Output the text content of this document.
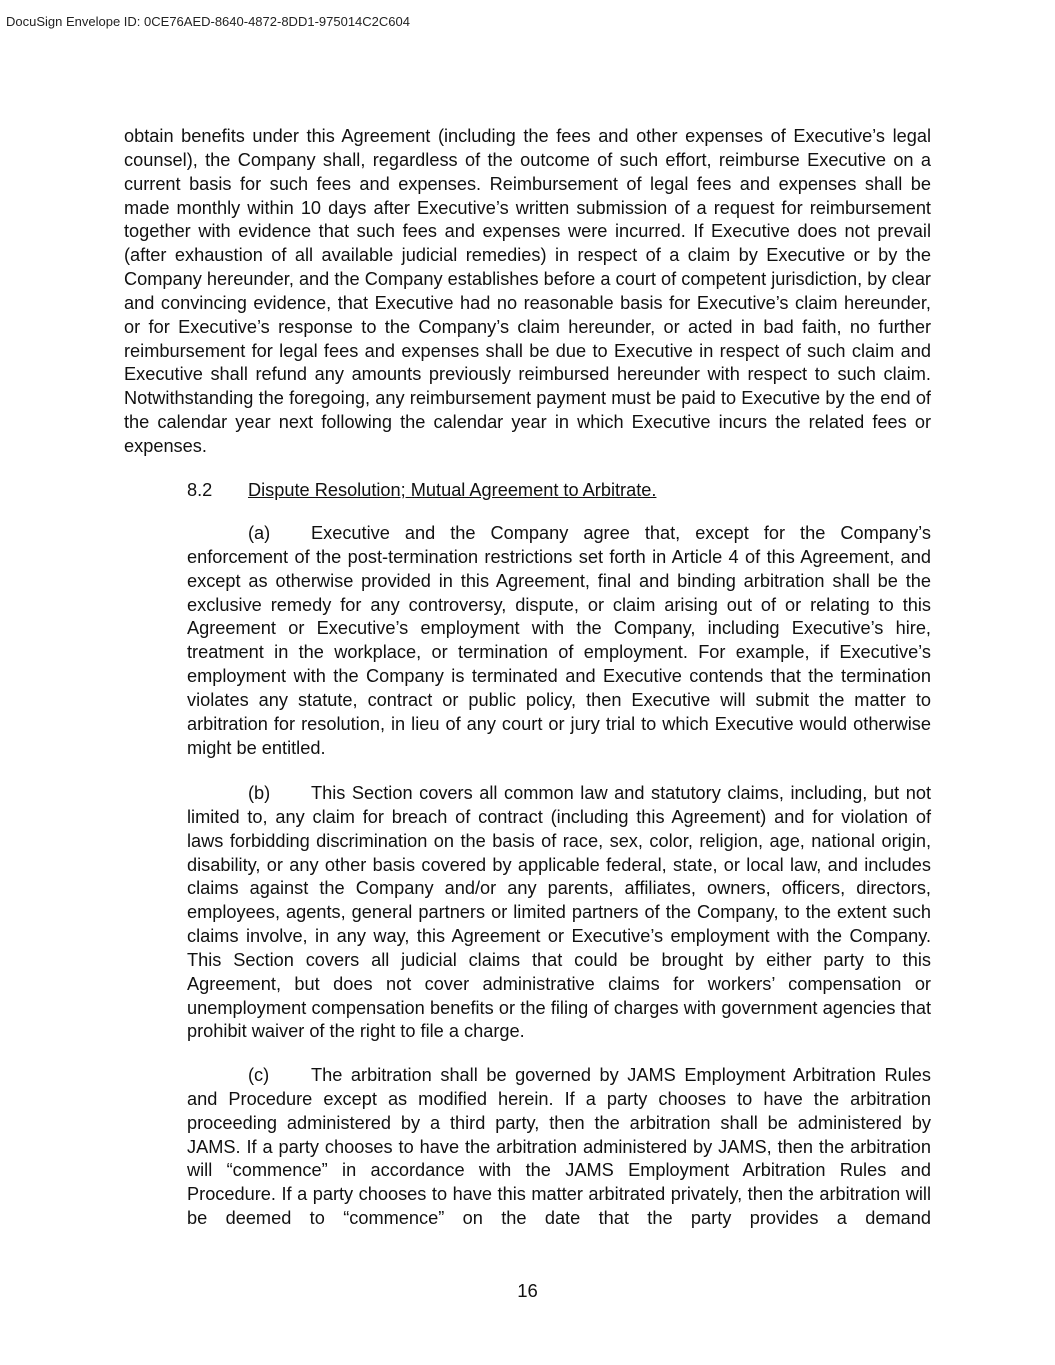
DocuSign Envelope ID: 0CE76AED-8640-4872-8DD1-975014C2C604

obtain benefits under this Agreement (including the fees and other expenses of Executive’s legal counsel), the Company shall, regardless of the outcome of such effort, reimburse Executive on a current basis for such fees and expenses. Reimbursement of legal fees and expenses shall be made monthly within 10 days after Executive’s written submission of a request for reimbursement together with evidence that such fees and expenses were incurred. If Executive does not prevail (after exhaustion of all available judicial remedies) in respect of a claim by Executive or by the Company hereunder, and the Company establishes before a court of competent jurisdiction, by clear and convincing evidence, that Executive had no reasonable basis for Executive’s claim hereunder, or for Executive’s response to the Company’s claim hereunder, or acted in bad faith, no further reimbursement for legal fees and expenses shall be due to Executive in respect of such claim and Executive shall refund any amounts previously reimbursed hereunder with respect to such claim. Notwithstanding the foregoing, any reimbursement payment must be paid to Executive by the end of the calendar year next following the calendar year in which Executive incurs the related fees or expenses.

8.2 Dispute Resolution; Mutual Agreement to Arbitrate.

(a) Executive and the Company agree that, except for the Company’s enforcement of the post-termination restrictions set forth in Article 4 of this Agreement, and except as otherwise provided in this Agreement, final and binding arbitration shall be the exclusive remedy for any controversy, dispute, or claim arising out of or relating to this Agreement or Executive’s employment with the Company, including Executive’s hire, treatment in the workplace, or termination of employment. For example, if Executive’s employment with the Company is terminated and Executive contends that the termination violates any statute, contract or public policy, then Executive will submit the matter to arbitration for resolution, in lieu of any court or jury trial to which Executive would otherwise might be entitled.

(b) This Section covers all common law and statutory claims, including, but not limited to, any claim for breach of contract (including this Agreement) and for violation of laws forbidding discrimination on the basis of race, sex, color, religion, age, national origin, disability, or any other basis covered by applicable federal, state, or local law, and includes claims against the Company and/or any parents, affiliates, owners, officers, directors, employees, agents, general partners or limited partners of the Company, to the extent such claims involve, in any way, this Agreement or Executive’s employment with the Company. This Section covers all judicial claims that could be brought by either party to this Agreement, but does not cover administrative claims for workers’ compensation or unemployment compensation benefits or the filing of charges with government agencies that prohibit waiver of the right to file a charge.

(c) The arbitration shall be governed by JAMS Employment Arbitration Rules and Procedure except as modified herein. If a party chooses to have the arbitration proceeding administered by a third party, then the arbitration shall be administered by JAMS. If a party chooses to have the arbitration administered by JAMS, then the arbitration will “commence” in accordance with the JAMS Employment Arbitration Rules and Procedure. If a party chooses to have this matter arbitrated privately, then the arbitration will be deemed to “commence” on the date that the party provides a demand

16
